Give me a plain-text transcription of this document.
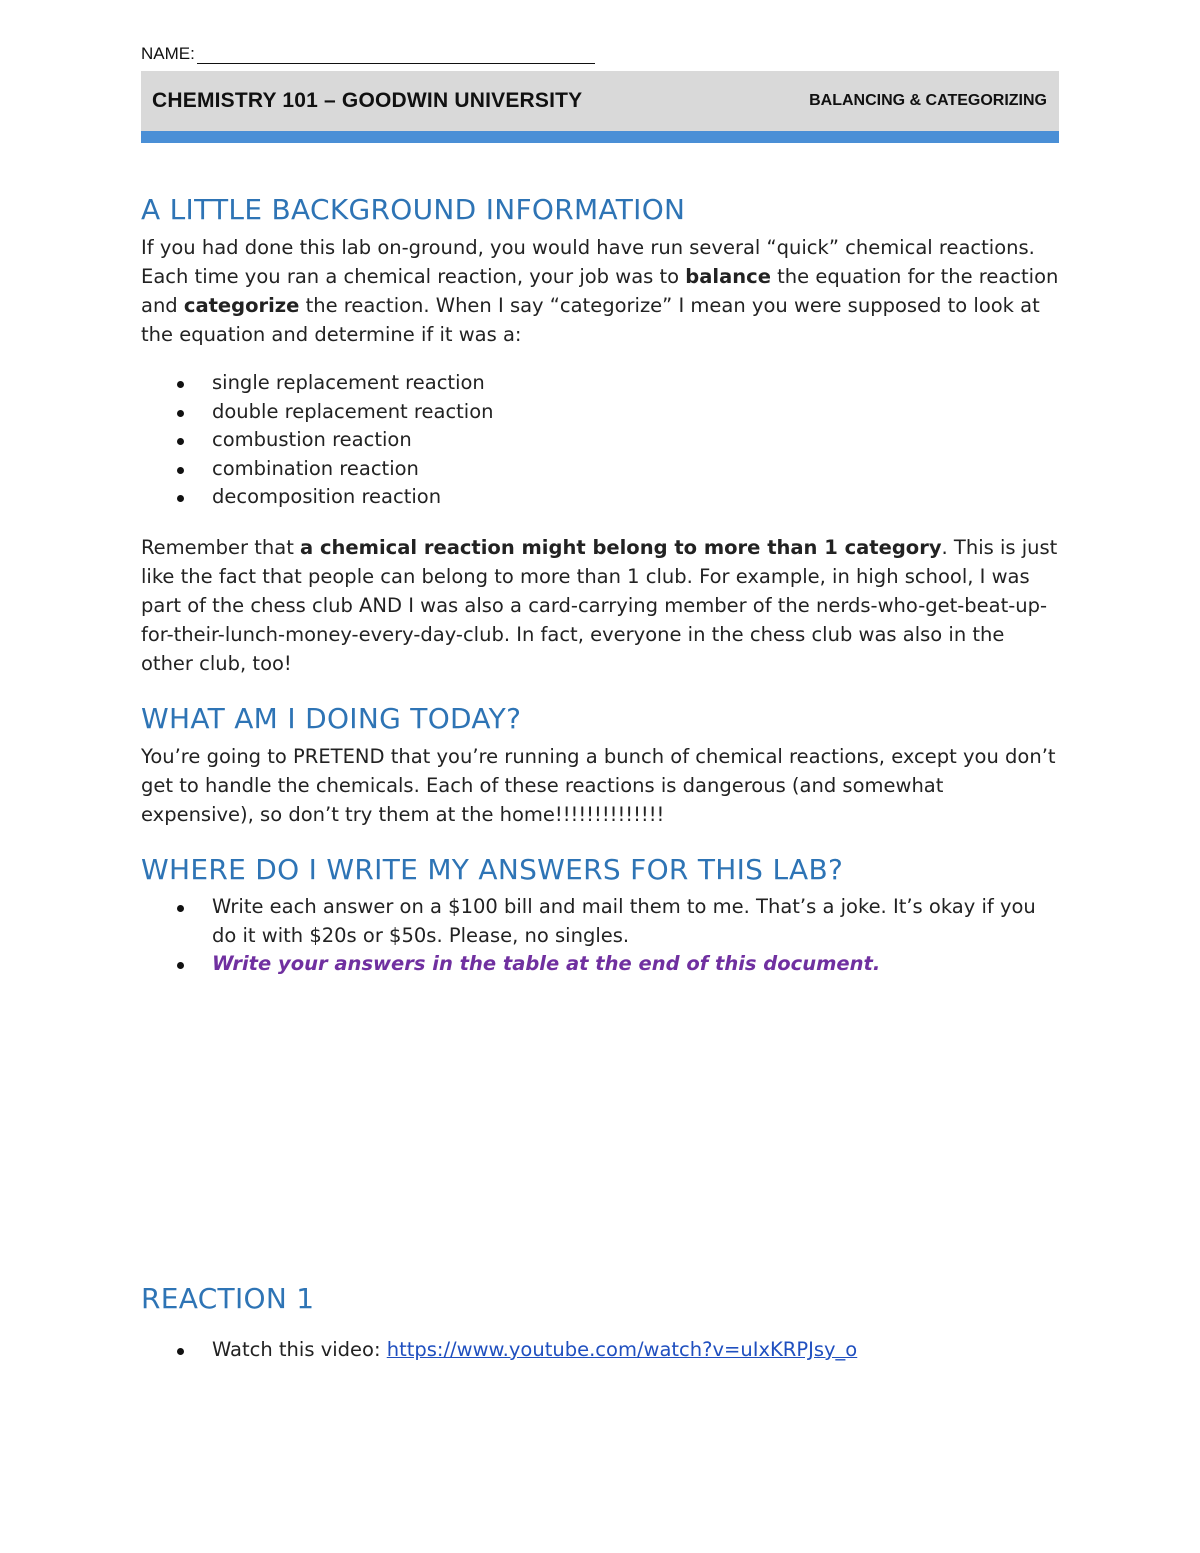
NAME:
CHEMISTRY 101 – GOODWIN UNIVERSITY	BALANCING & CATEGORIZING
A LITTLE BACKGROUND INFORMATION

If you had done this lab on-ground, you would have run several “quick” chemical reactions. Each time you ran a chemical reaction, your job was to balance the equation for the reaction and categorize the reaction. When I say “categorize” I mean you were supposed to look at the equation and determine if it was a:

single replacement reaction
double replacement reaction
combustion reaction
combination reaction
decomposition reaction

Remember that a chemical reaction might belong to more than 1 category. This is just like the fact that people can belong to more than 1 club. For example, in high school, I was part of the chess club AND I was also a card-carrying member of the nerds-who-get-beat-up-for-their-lunch-money-every-day-club. In fact, everyone in the chess club was also in the other club, too!

WHAT AM I DOING TODAY?

You’re going to PRETEND that you’re running a bunch of chemical reactions, except you don’t get to handle the chemicals. Each of these reactions is dangerous (and somewhat expensive), so don’t try them at the home!!!!!!!!!!!!!!

WHERE DO I WRITE MY ANSWERS FOR THIS LAB?
Write each answer on a $100 bill and mail them to me. That’s a joke. It’s okay if you do it with $20s or $50s. Please, no singles.
Write your answers in the table at the end of this document.
REACTION 1
Watch this video: https://www.youtube.com/watch?v=uIxKRPJsy_o
